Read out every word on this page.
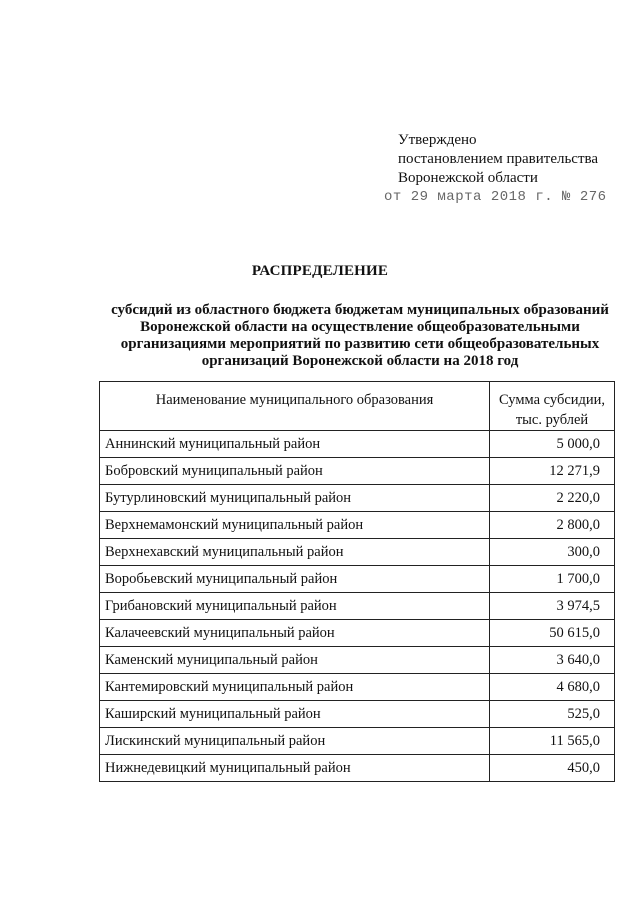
Утверждено
постановлением правительства
Воронежской области
от 29 марта 2018 г. № 276
РАСПРЕДЕЛЕНИЕ
субсидий из областного бюджета бюджетам муниципальных образований
Воронежской области на осуществление общеобразовательными
организациями мероприятий по развитию сети общеобразовательных
организаций Воронежской области на 2018 год
Наименование муниципального образования	Сумма субсидии,
тыс. рублей

Аннинский муниципальный район	5 000,0
Бобровский муниципальный район	12 271,9
Бутурлиновский муниципальный район	2 220,0
Верхнемамонский муниципальный район	2 800,0
Верхнехавский муниципальный район	300,0
Воробьевский муниципальный район	1 700,0
Грибановский муниципальный район	3 974,5
Калачеевский муниципальный район	50 615,0
Каменский муниципальный район	3 640,0
Кантемировский муниципальный район	4 680,0
Каширский муниципальный район	525,0
Лискинский муниципальный район	11 565,0
Нижнедевицкий муниципальный район	450,0
